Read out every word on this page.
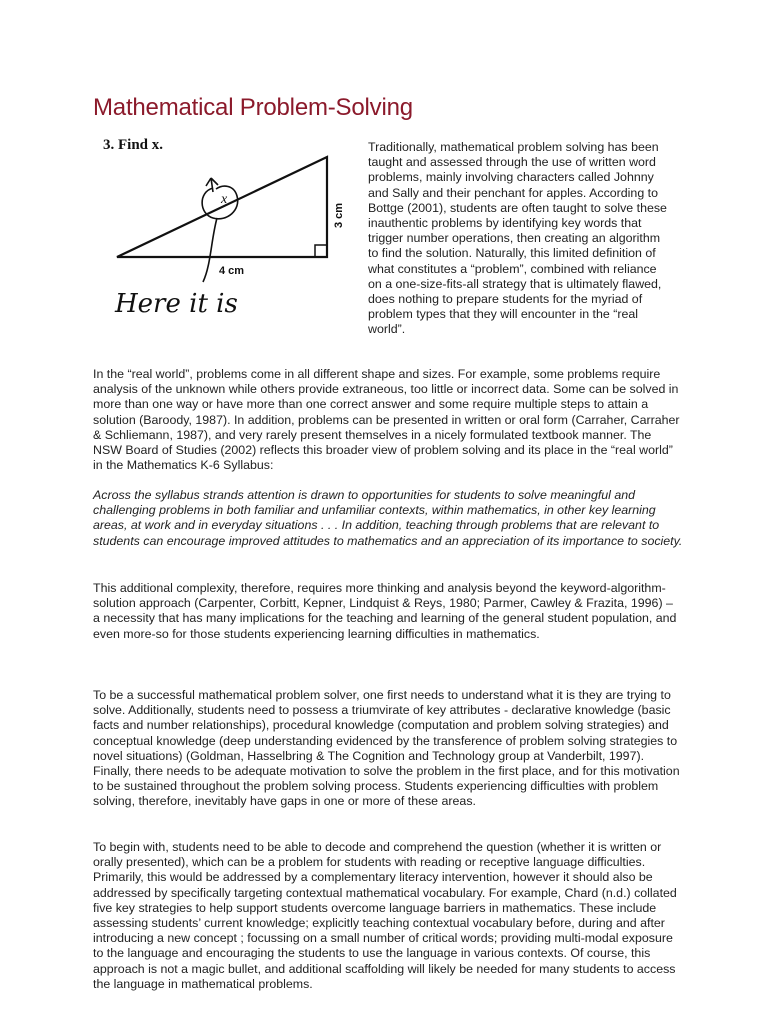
Mathematical Problem-Solving
3. Find x.
3 cm
4 cm
x
Here it is

Traditionally, mathematical problem solving has been taught and assessed through the use of written word problems, mainly involving characters called Johnny and Sally and their penchant for apples. According to Bottge (2001), students are often taught to solve these inauthentic problems by identifying key words that trigger number operations, then creating an algorithm to find the solution. Naturally, this limited definition of what constitutes a “problem”, combined with reliance on a one-size-fits-all strategy that is ultimately flawed, does nothing to prepare students for the myriad of problem types that they will encounter in the “real world”.

In the “real world”, problems come in all different shape and sizes. For example, some problems require analysis of the unknown while others provide extraneous, too little or incorrect data. Some can be solved in more than one way or have more than one correct answer and some require multiple steps to attain a solution (Baroody, 1987). In addition, problems can be presented in written or oral form (Carraher, Carraher & Schliemann, 1987), and very rarely present themselves in a nicely formulated textbook manner. The NSW Board of Studies (2002) reflects this broader view of problem solving and its place in the “real world” in the Mathematics K-6 Syllabus:

Across the syllabus strands attention is drawn to opportunities for students to solve meaningful and challenging problems in both familiar and unfamiliar contexts, within mathematics, in other key learning areas, at work and in everyday situations . . . In addition, teaching through problems that are relevant to students can encourage improved attitudes to mathematics and an appreciation of its importance to society.

This additional complexity, therefore, requires more thinking and analysis beyond the keyword-algorithm-solution approach (Carpenter, Corbitt, Kepner, Lindquist & Reys, 1980; Parmer, Cawley & Frazita, 1996) – a necessity that has many implications for the teaching and learning of the general student population, and even more-so for those students experiencing learning difficulties in mathematics.

To be a successful mathematical problem solver, one first needs to understand what it is they are trying to solve. Additionally, students need to possess a triumvirate of key attributes - declarative knowledge (basic facts and number relationships), procedural knowledge (computation and problem solving strategies) and conceptual knowledge (deep understanding evidenced by the transference of problem solving strategies to novel situations) (Goldman, Hasselbring & The Cognition and Technology group at Vanderbilt, 1997). Finally, there needs to be adequate motivation to solve the problem in the first place, and for this motivation to be sustained throughout the problem solving process. Students experiencing difficulties with problem solving, therefore, inevitably have gaps in one or more of these areas.

To begin with, students need to be able to decode and comprehend the question (whether it is written or orally presented), which can be a problem for students with reading or receptive language difficulties. Primarily, this would be addressed by a complementary literacy intervention, however it should also be addressed by specifically targeting contextual mathematical vocabulary. For example, Chard (n.d.) collated five key strategies to help support students overcome language barriers in mathematics. These include assessing students’ current knowledge; explicitly teaching contextual vocabulary before, during and after introducing a new concept ; focussing on a small number of critical words; providing multi-modal exposure to the language and encouraging the students to use the language in various contexts. Of course, this approach is not a magic bullet, and additional scaffolding will likely be needed for many students to access the language in mathematical problems.
